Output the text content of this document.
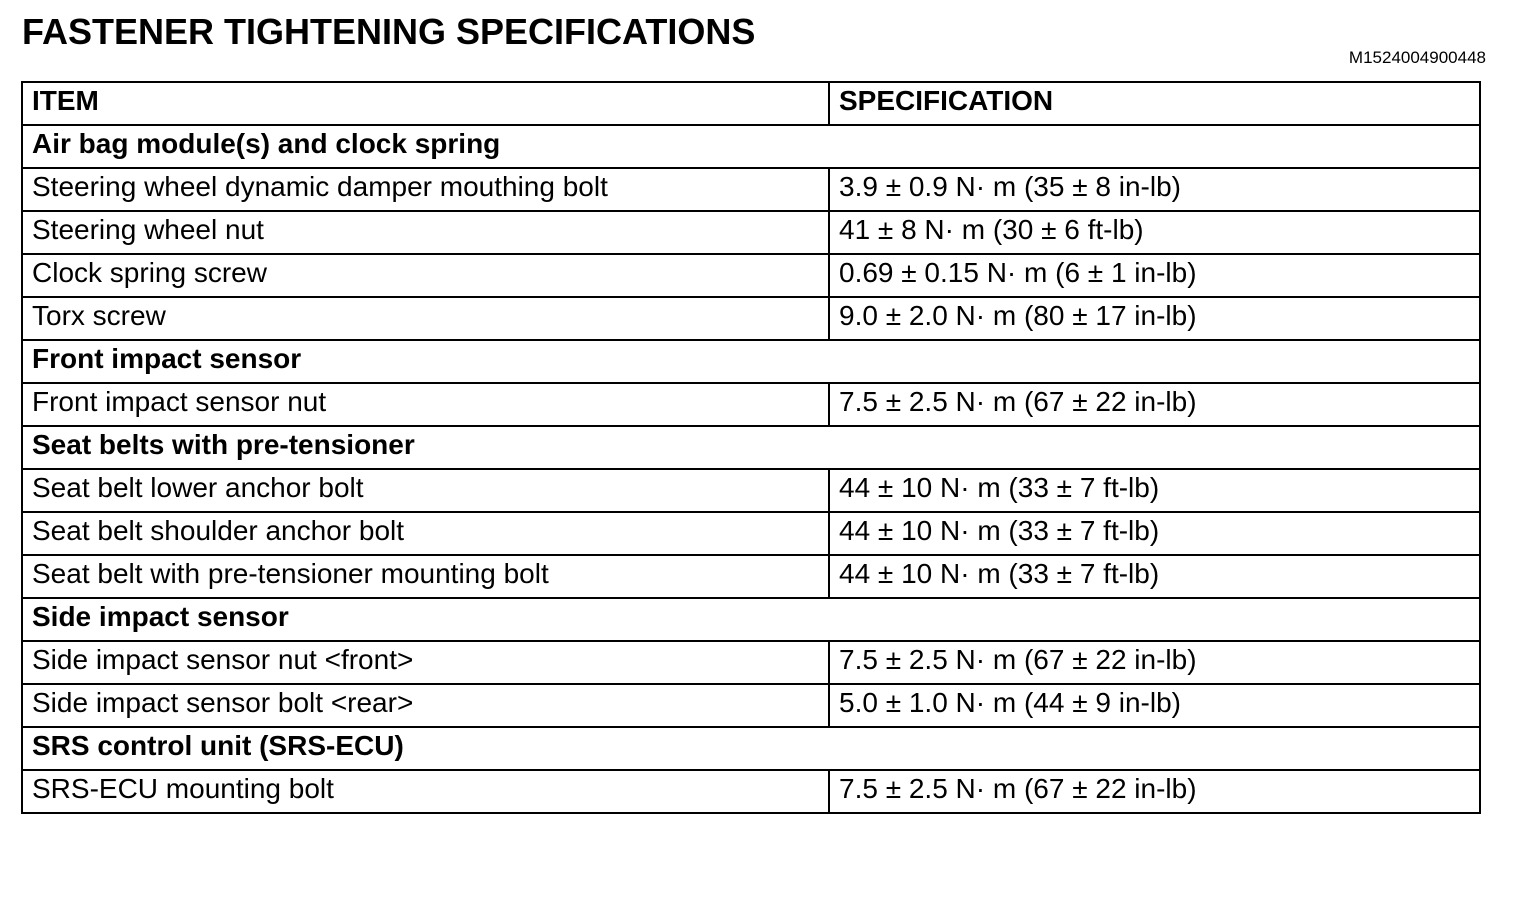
FASTENER TIGHTENING SPECIFICATIONS
M1524004900448
ITEM	SPECIFICATION
Air bag module(s) and clock spring	
Steering wheel dynamic damper mouthing bolt	3.9 ± 0.9 N· m (35 ± 8 in-lb)
Steering wheel nut	41 ± 8 N· m (30 ± 6 ft-lb)
Clock spring screw	0.69 ± 0.15 N· m (6 ± 1 in-lb)
Torx screw	9.0 ± 2.0 N· m (80 ± 17 in-lb)
Front impact sensor	
Front impact sensor nut	7.5 ± 2.5 N· m (67 ± 22 in-lb)
Seat belts with pre-tensioner	
Seat belt lower anchor bolt	44 ± 10 N· m (33 ± 7 ft-lb)
Seat belt shoulder anchor bolt	44 ± 10 N· m (33 ± 7 ft-lb)
Seat belt with pre-tensioner mounting bolt	44 ± 10 N· m (33 ± 7 ft-lb)
Side impact sensor	
Side impact sensor nut <front>	7.5 ± 2.5 N· m (67 ± 22 in-lb)
Side impact sensor bolt <rear>	5.0 ± 1.0 N· m (44 ± 9 in-lb)
SRS control unit (SRS-ECU)	
SRS-ECU mounting bolt	7.5 ± 2.5 N· m (67 ± 22 in-lb)
